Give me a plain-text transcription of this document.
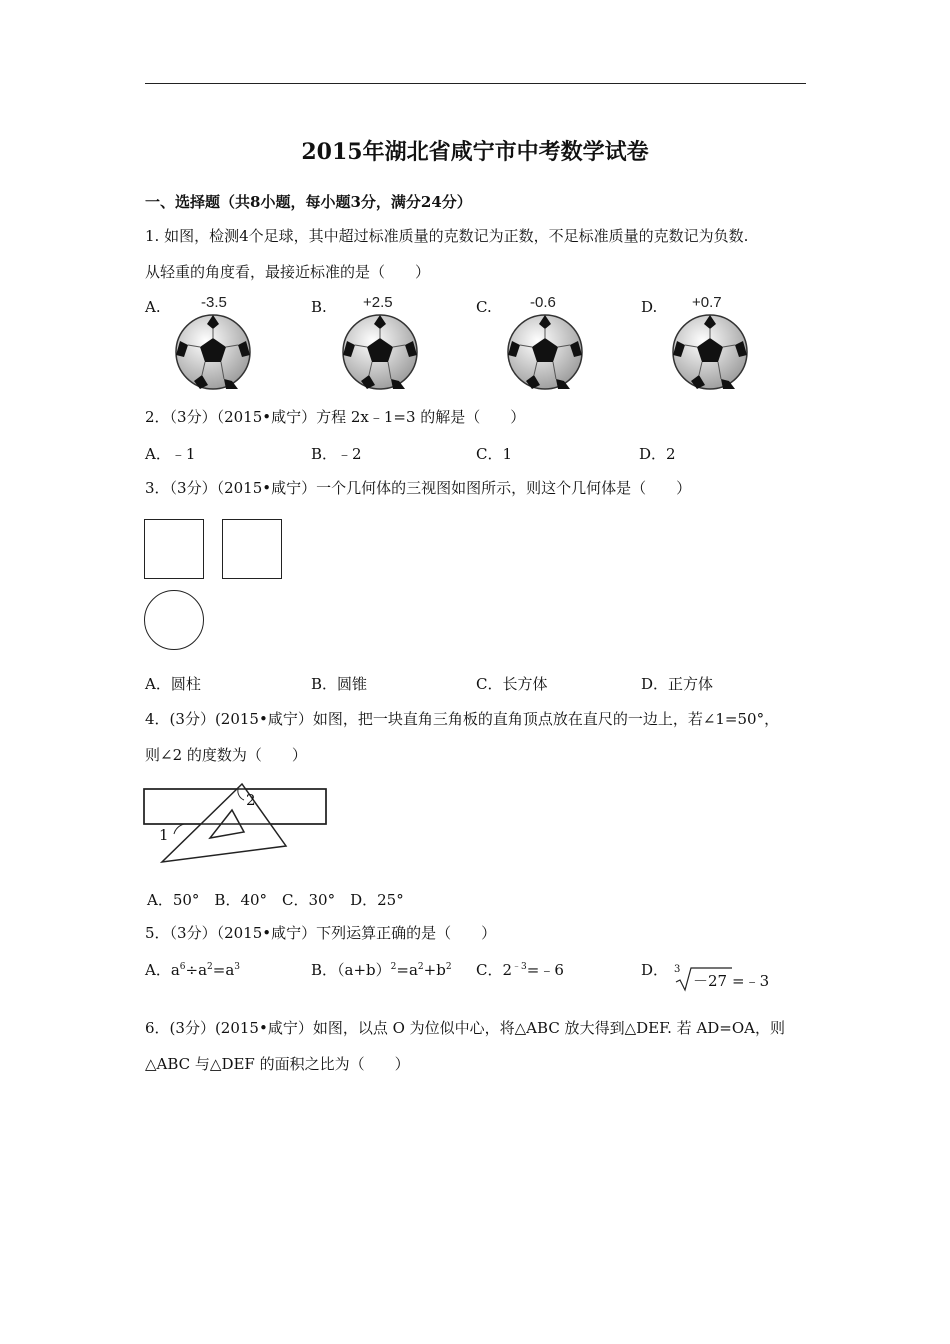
2015年湖北省咸宁市中考数学试卷
一、选择题（共8小题，每小题3分，满分24分）
1. 如图，检测4个足球，其中超过标准质量的克数记为正数，不足标准质量的克数记为负数.
从轻重的角度看，最接近标准的是（　　）
A.	-3.5	B. +2.5	C.	-0.6	D. +0.7
2．（3分）（2015•咸宁）方程 2x﹣1=3 的解是（　　）
A．﹣1	B．﹣2	C．1	D．2
3．（3分）（2015•咸宁）一个几何体的三视图如图所示，则这个几何体是（　　）
A．圆柱	B．圆锥	C．长方体	D．正方体
4．(3分）(2015•咸宁）如图，把一块直角三角板的直角顶点放在直尺的一边上，若∠1=50°，
则∠2 的度数为（　　）
2
1
A．50°　B．40°　C．30°　D．25°
5．（3分）（2015•咸宁）下列运算正确的是（　　）
A．$a^6\div a^2=a^3$	B．$(a+b)^2=a^2+b^2$ C．$2^{﹣3}=﹣6$	D． 3
－27 =﹣3
6．(3分）(2015•咸宁）如图，以点 O 为位似中心，将△ABC 放大得到△DEF. 若 AD=OA，则
△ABC 与△DEF 的面积之比为（　　）
